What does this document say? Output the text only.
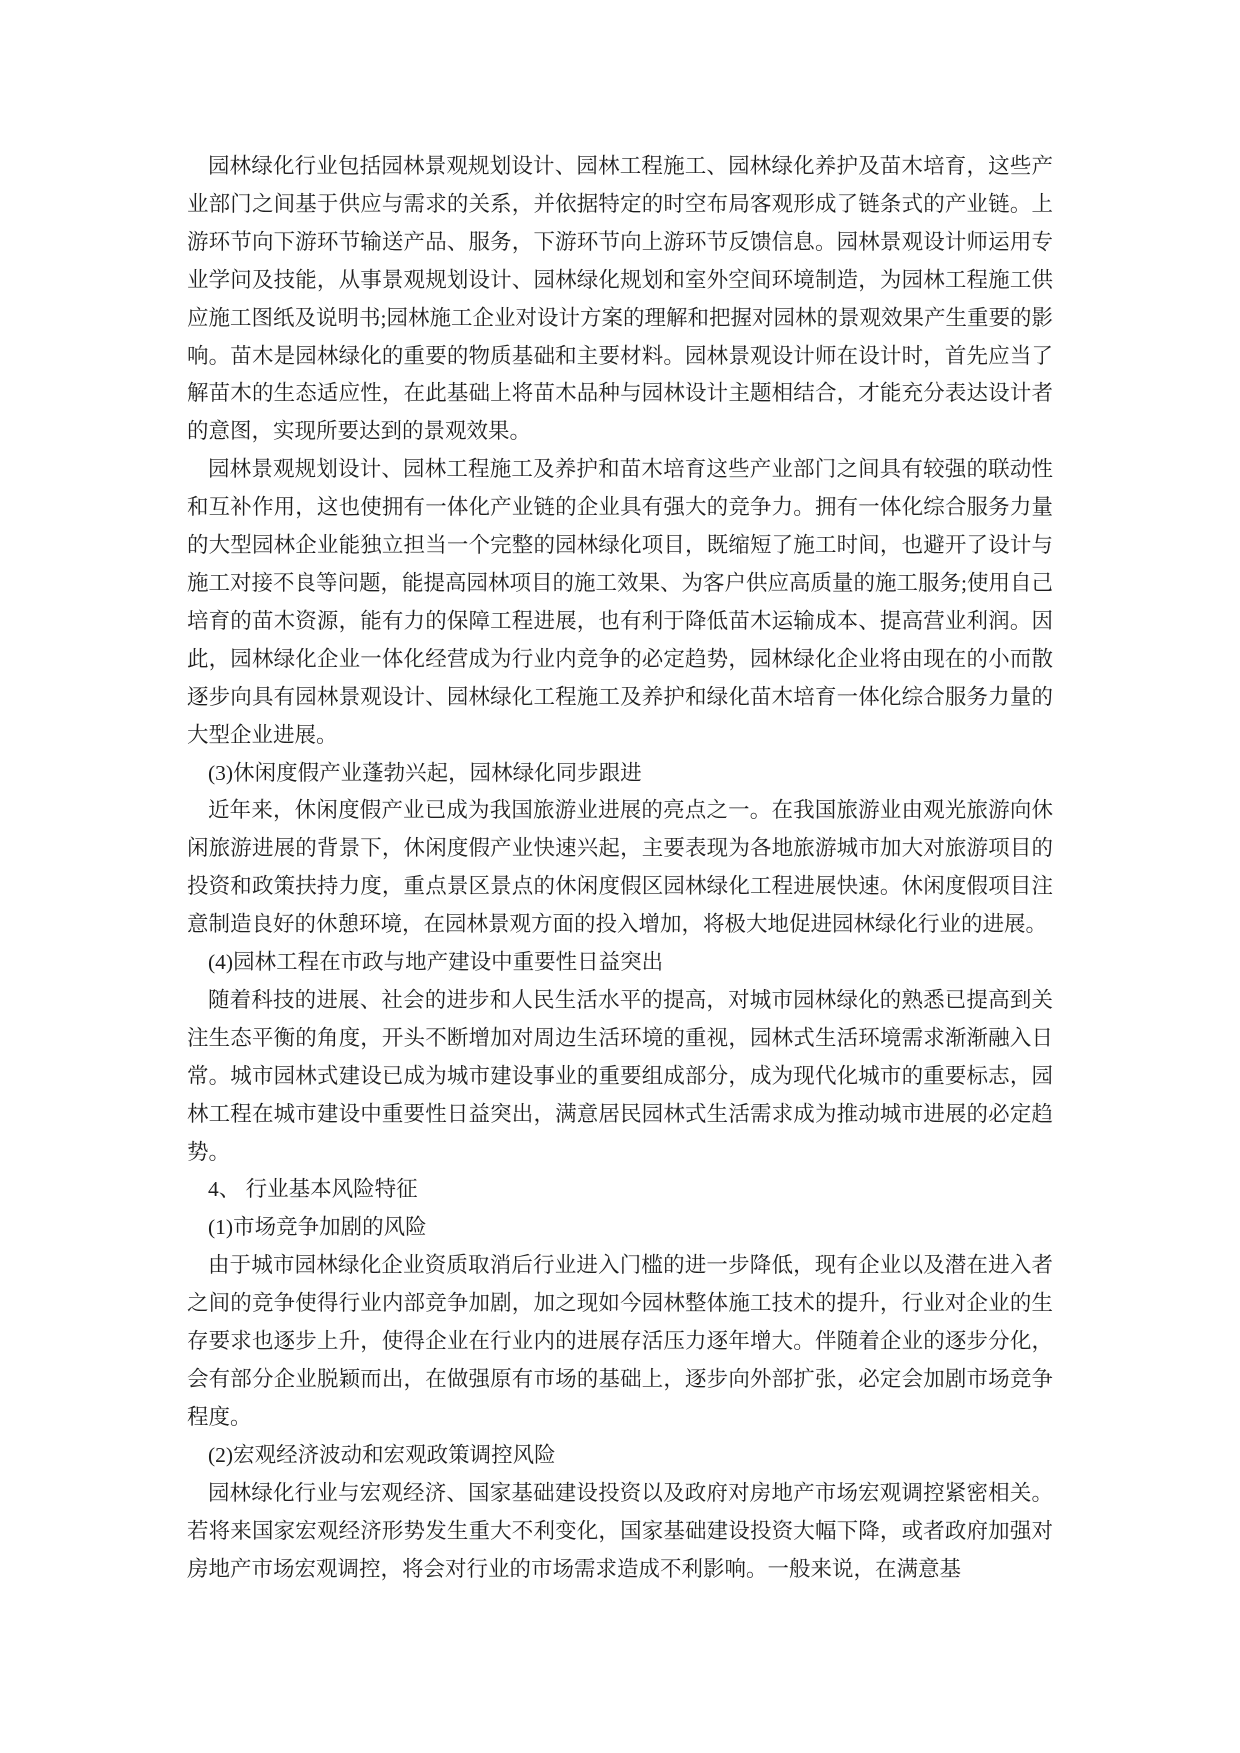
园林绿化行业包括园林景观规划设计、园林工程施工、园林绿化养护及苗木培育，这些产业部门之间基于供应与需求的关系，并依据特定的时空布局客观形成了链条式的产业链。上游环节向下游环节输送产品、服务，下游环节向上游环节反馈信息。园林景观设计师运用专业学问及技能，从事景观规划设计、园林绿化规划和室外空间环境制造，为园林工程施工供应施工图纸及说明书;园林施工企业对设计方案的理解和把握对园林的景观效果产生重要的影响。苗木是园林绿化的重要的物质基础和主要材料。园林景观设计师在设计时，首先应当了解苗木的生态适应性，在此基础上将苗木品种与园林设计主题相结合，才能充分表达设计者的意图，实现所要达到的景观效果。

园林景观规划设计、园林工程施工及养护和苗木培育这些产业部门之间具有较强的联动性和互补作用，这也使拥有一体化产业链的企业具有强大的竞争力。拥有一体化综合服务力量的大型园林企业能独立担当一个完整的园林绿化项目，既缩短了施工时间，也避开了设计与施工对接不良等问题，能提高园林项目的施工效果、为客户供应高质量的施工服务;使用自己培育的苗木资源，能有力的保障工程进展，也有利于降低苗木运输成本、提高营业利润。因此，园林绿化企业一体化经营成为行业内竞争的必定趋势，园林绿化企业将由现在的小而散逐步向具有园林景观设计、园林绿化工程施工及养护和绿化苗木培育一体化综合服务力量的大型企业进展。

(3)休闲度假产业蓬勃兴起，园林绿化同步跟进

近年来，休闲度假产业已成为我国旅游业进展的亮点之一。在我国旅游业由观光旅游向休闲旅游进展的背景下，休闲度假产业快速兴起，主要表现为各地旅游城市加大对旅游项目的投资和政策扶持力度，重点景区景点的休闲度假区园林绿化工程进展快速。休闲度假项目注意制造良好的休憩环境，在园林景观方面的投入增加，将极大地促进园林绿化行业的进展。

(4)园林工程在市政与地产建设中重要性日益突出

随着科技的进展、社会的进步和人民生活水平的提高，对城市园林绿化的熟悉已提高到关注生态平衡的角度，开头不断增加对周边生活环境的重视，园林式生活环境需求渐渐融入日常。城市园林式建设已成为城市建设事业的重要组成部分，成为现代化城市的重要标志，园林工程在城市建设中重要性日益突出，满意居民园林式生活需求成为推动城市进展的必定趋势。

4、 行业基本风险特征

(1)市场竞争加剧的风险

由于城市园林绿化企业资质取消后行业进入门槛的进一步降低，现有企业以及潜在进入者之间的竞争使得行业内部竞争加剧，加之现如今园林整体施工技术的提升，行业对企业的生存要求也逐步上升，使得企业在行业内的进展存活压力逐年增大。伴随着企业的逐步分化，会有部分企业脱颖而出，在做强原有市场的基础上，逐步向外部扩张，必定会加剧市场竞争程度。

(2)宏观经济波动和宏观政策调控风险

园林绿化行业与宏观经济、国家基础建设投资以及政府对房地产市场宏观调控紧密相关。若将来国家宏观经济形势发生重大不利变化，国家基础建设投资大幅下降，或者政府加强对房地产市场宏观调控，将会对行业的市场需求造成不利影响。一般来说，在满意基
